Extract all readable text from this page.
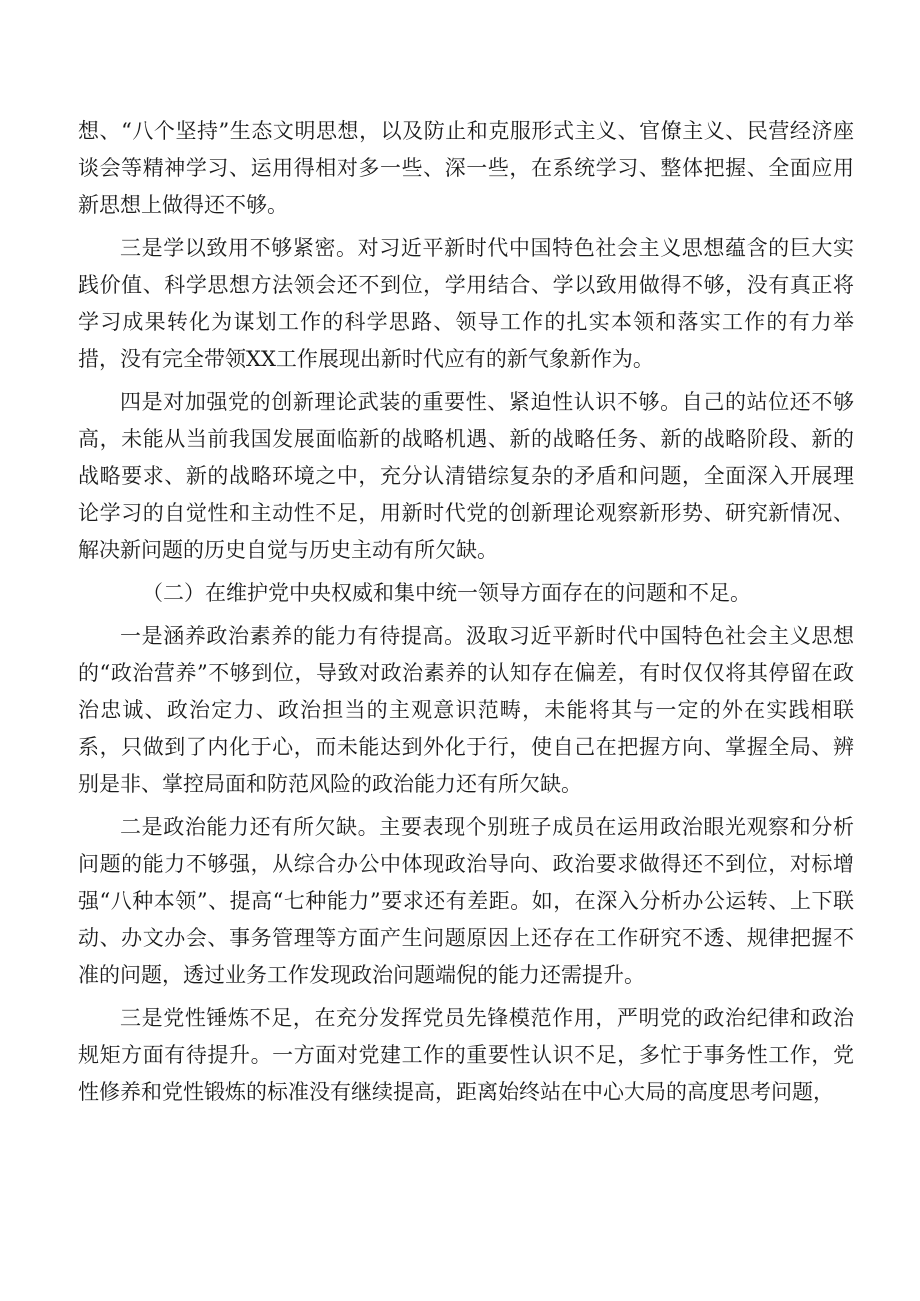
想、“八个坚持”生态文明思想，以及防止和克服形式主义、官僚主义、民营经济座谈会等精神学习、运用得相对多一些、深一些，在系统学习、整体把握、全面应用新思想上做得还不够。

三是学以致用不够紧密。对习近平新时代中国特色社会主义思想蕴含的巨大实践价值、科学思想方法领会还不到位，学用结合、学以致用做得不够，没有真正将学习成果转化为谋划工作的科学思路、领导工作的扎实本领和落实工作的有力举措，没有完全带领XX工作展现出新时代应有的新气象新作为。

四是对加强党的创新理论武装的重要性、紧迫性认识不够。自己的站位还不够高，未能从当前我国发展面临新的战略机遇、新的战略任务、新的战略阶段、新的战略要求、新的战略环境之中，充分认清错综复杂的矛盾和问题，全面深入开展理论学习的自觉性和主动性不足，用新时代党的创新理论观察新形势、研究新情况、解决新问题的历史自觉与历史主动有所欠缺。

（二）在维护党中央权威和集中统一领导方面存在的问题和不足。

一是涵养政治素养的能力有待提高。汲取习近平新时代中国特色社会主义思想的“政治营养”不够到位，导致对政治素养的认知存在偏差，有时仅仅将其停留在政治忠诚、政治定力、政治担当的主观意识范畴，未能将其与一定的外在实践相联系，只做到了内化于心，而未能达到外化于行，使自己在把握方向、掌握全局、辨别是非、掌控局面和防范风险的政治能力还有所欠缺。

二是政治能力还有所欠缺。主要表现个别班子成员在运用政治眼光观察和分析问题的能力不够强，从综合办公中体现政治导向、政治要求做得还不到位，对标增强“八种本领”、提高“七种能力”要求还有差距。如，在深入分析办公运转、上下联动、办文办会、事务管理等方面产生问题原因上还存在工作研究不透、规律把握不准的问题，透过业务工作发现政治问题端倪的能力还需提升。

三是党性锤炼不足，在充分发挥党员先锋模范作用，严明党的政治纪律和政治规矩方面有待提升。一方面对党建工作的重要性认识不足，多忙于事务性工作，党性修养和党性锻炼的标准没有继续提高，距离始终站在中心大局的高度思考问题，
